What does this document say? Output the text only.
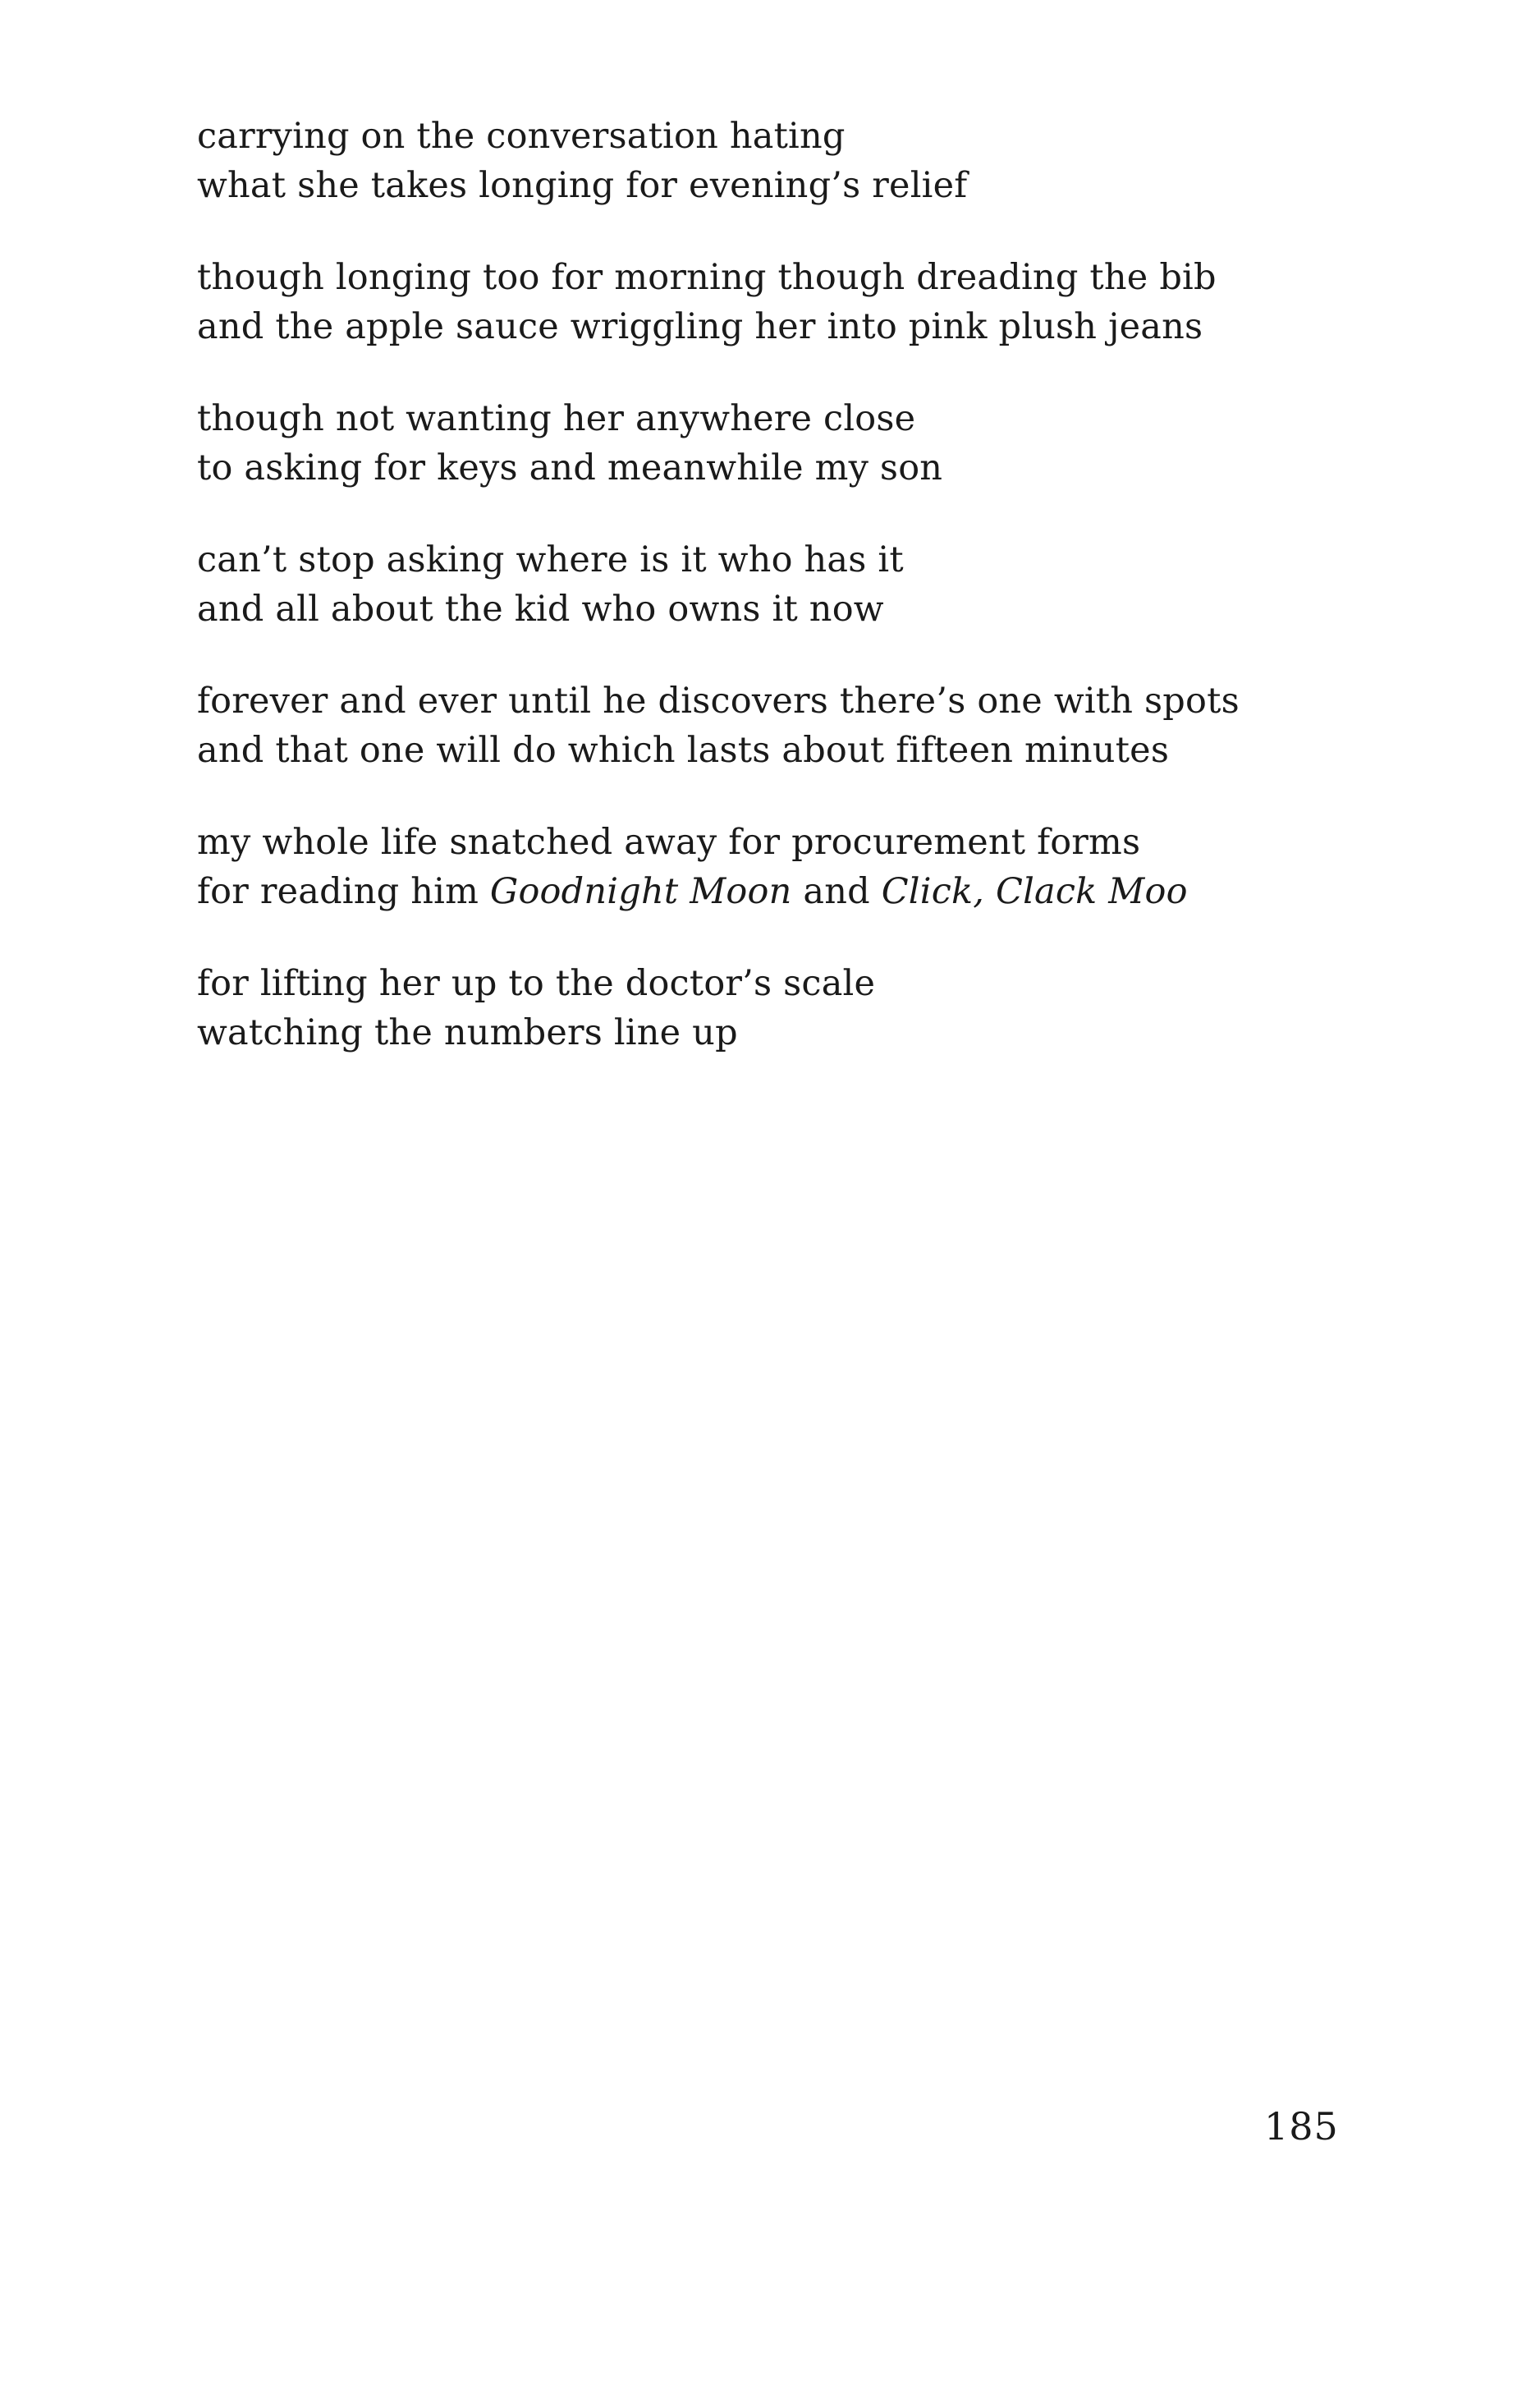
carrying on the conversation hating
what she takes longing for evening’s relief
though longing too for morning though dreading the bib
and the apple sauce wriggling her into pink plush jeans
though not wanting her anywhere close
to asking for keys and meanwhile my son
can’t stop asking where is it who has it
and all about the kid who owns it now
forever and ever until he discovers there’s one with spots
and that one will do which lasts about fifteen minutes
my whole life snatched away for procurement forms
for reading him Goodnight Moon and Click, Clack Moo
for lifting her up to the doctor’s scale
watching the numbers line up
185
